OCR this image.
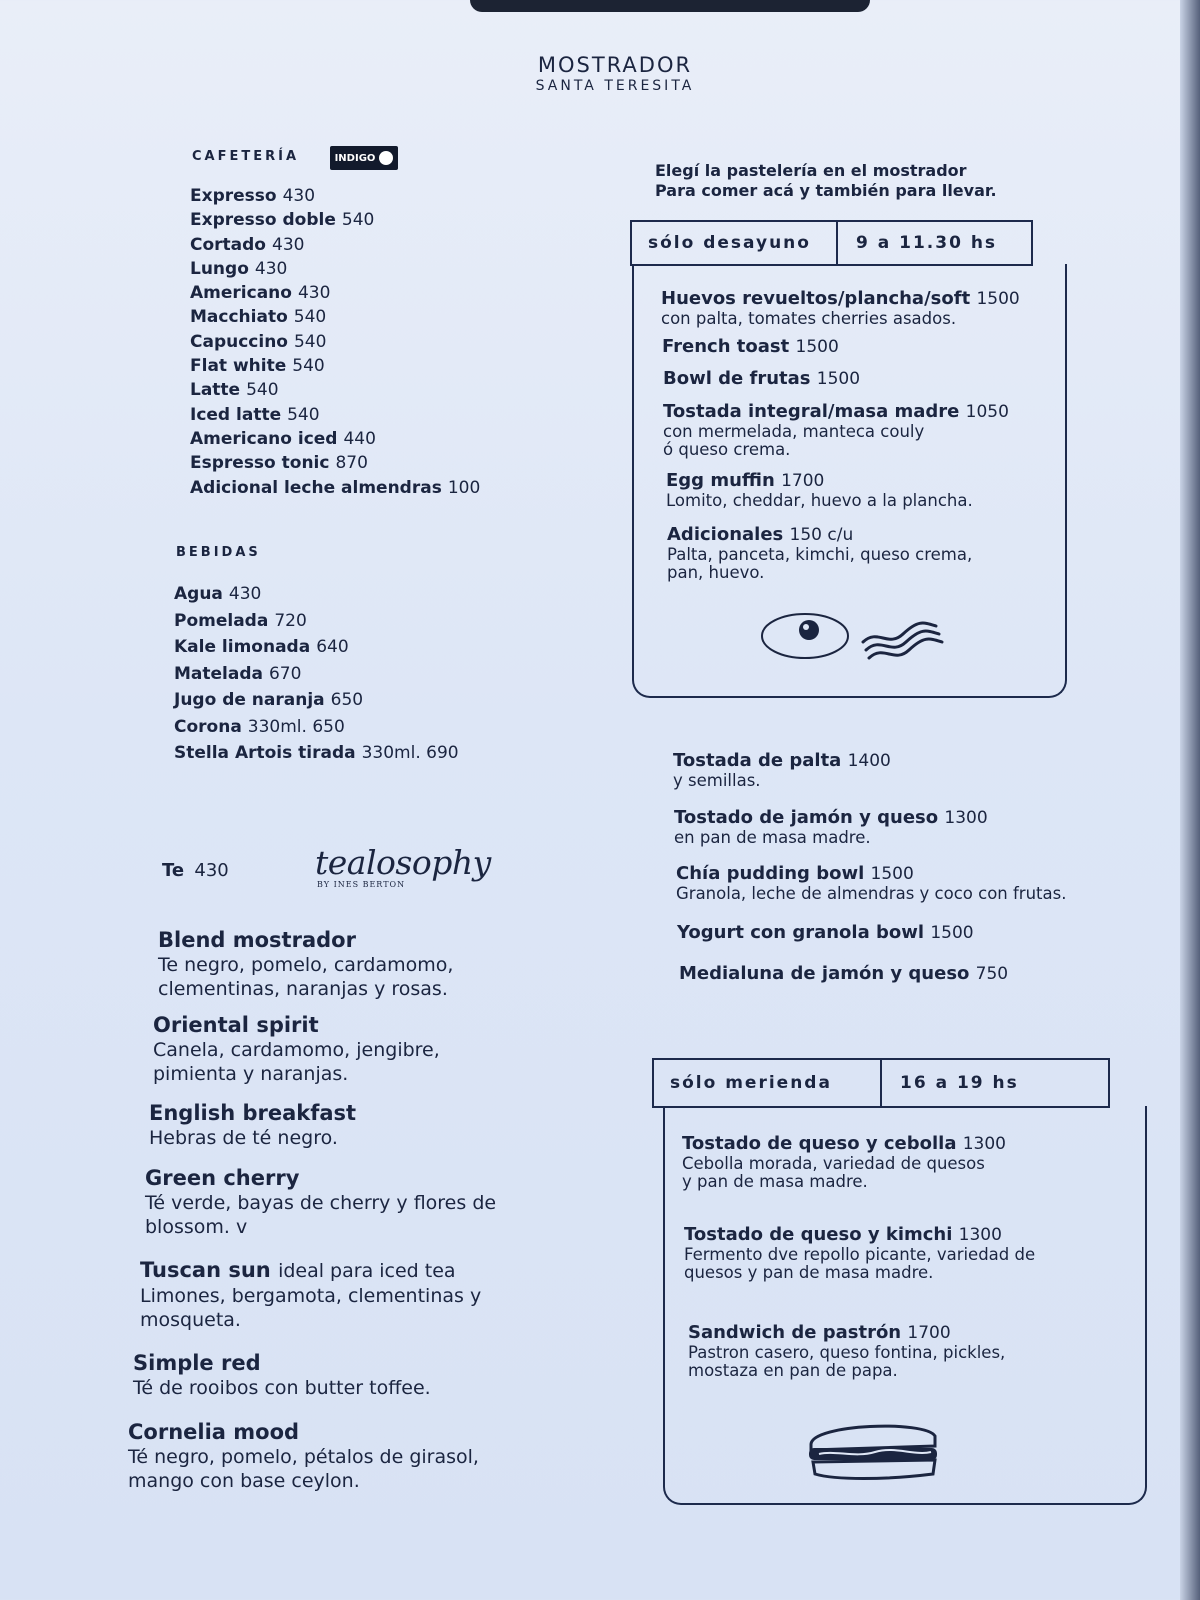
MOSTRADOR
SANTA TERESITA
CAFETERÍA	INDIGO
Expresso 430
Expresso doble 540
Cortado 430
Lungo 430
Americano 430
Macchiato 540
Capuccino 540
Flat white 540
Latte 540
Iced latte 540
Americano iced 440
Espresso tonic 870
Adicional leche almendras 100
BEBIDAS
Agua 430
Pomelada 720
Kale limonada 640
Matelada 670
Jugo de naranja 650
Corona 330ml. 650
Stella Artois tirada 330ml. 690
Te 430	tealosophy
BY INES BERTON
Blend mostrador
Te negro, pomelo, cardamomo,
clementinas, naranjas y rosas.
Oriental spirit
Canela, cardamomo, jengibre,
pimienta y naranjas.
English breakfast
Hebras de té negro.
Green cherry
Té verde, bayas de cherry y flores de
blossom. v
Tuscan sun ideal para iced tea
Limones, bergamota, clementinas y
mosqueta.
Simple red
Té de rooibos con butter toffee.
Cornelia mood
Té negro, pomelo, pétalos de girasol,
mango con base ceylon.
Elegí la pastelería en el mostrador
Para comer acá y también para llevar.
sólo desayuno	9 a 11.30 hs
Huevos revueltos/plancha/soft 1500
con palta, tomates cherries asados.
French toast 1500
Bowl de frutas 1500
Tostada integral/masa madre 1050
con mermelada, manteca couly
ó queso crema.
Egg muffin 1700
Lomito, cheddar, huevo a la plancha.
Adicionales 150 c/u
Palta, panceta, kimchi, queso crema,
pan, huevo.
Tostada de palta 1400
y semillas.
Tostado de jamón y queso 1300
en pan de masa madre.
Chía pudding bowl 1500
Granola, leche de almendras y coco con frutas.
Yogurt con granola bowl 1500
Medialuna de jamón y queso 750
sólo merienda	16 a 19 hs
Tostado de queso y cebolla 1300
Cebolla morada, variedad de quesos
y pan de masa madre.
Tostado de queso y kimchi 1300
Fermento dve repollo picante, variedad de
quesos y pan de masa madre.
Sandwich de pastrón 1700
Pastron casero, queso fontina, pickles,
mostaza en pan de papa.
